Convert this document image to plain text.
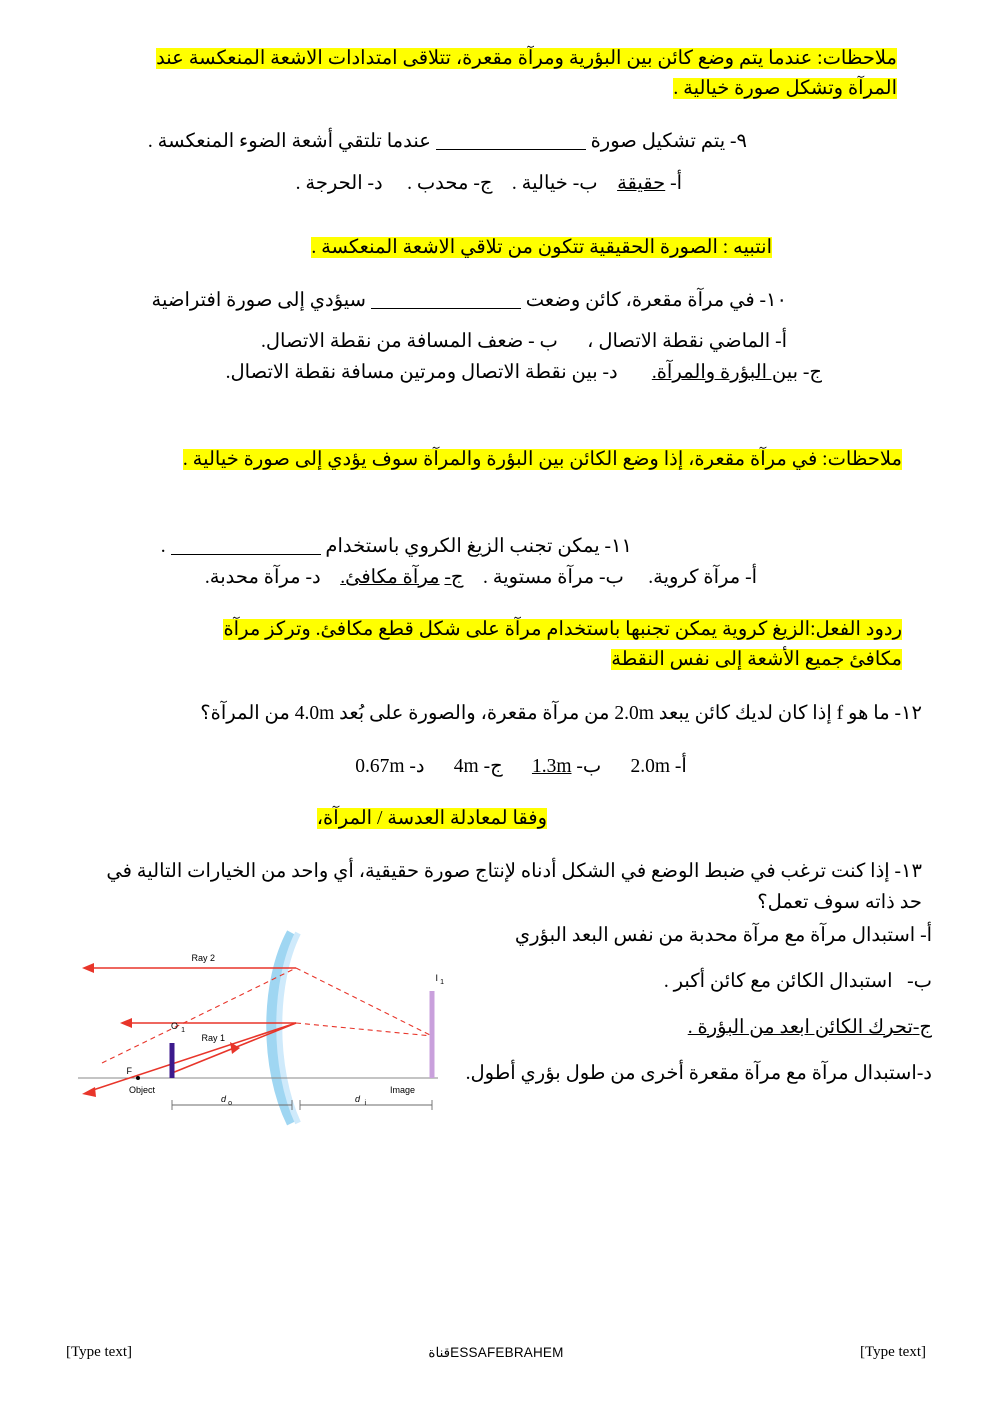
ملاحظات: عندما يتم وضع كائن بين البؤرية ومرآة مقعرة، تتلاقى امتدادات الاشعة المنعكسة عند المرآة وتشكل صورة خيالية .
٩- يتم تشكيل صورة  عندما تلتقي أشعة الضوء المنعكسة .
أ- حقيقة    ب- خيالية .    ج- محدب .     د- الحرجة .
انتبيه : الصورة الحقيقية تتكون من تلاقي الاشعة المنعكسة .
١٠- في مرآة مقعرة، كائن وضعت  سيؤدي إلى صورة افتراضية
أ- الماضي نقطة الاتصال ،      ب - ضعف المسافة من نقطة الاتصال.
ج- بين البؤرة والمرآة.       د- بين نقطة الاتصال ومرتين مسافة نقطة الاتصال.
ملاحظات: في مرآة مقعرة، إذا وضع الكائن بين البؤرة والمرآة سوف يؤدي إلى صورة خيالية .
١١- يمكن تجنب الزيغ الكروي باستخدام  .
أ- مرآة كروية.     ب- مرآة مستوية .    ج- مرآة مكافئ.    د- مرآة محدبة.
ردود الفعل:الزيغ كروية يمكن تجنبها باستخدام مرآة على شكل قطع مكافئ. وتركز مرآة مكافئ جميع الأشعة إلى نفس النقطة
١٢- ما هو f إذا كان لديك كائن يبعد 2.0m من مرآة مقعرة، والصورة على بُعد 4.0m من المرآة؟
أ- 2.0m      ب- 1.3m      ج- 4m      د- 0.67m
وفقا لمعادلة العدسة / المرآة،
١٣- إذا كنت ترغب في ضبط الوضع في الشكل أدناه لإنتاج صورة حقيقية، أي واحد من الخيارات التالية في حد ذاته سوف تعمل؟
Ray 2
Ray 1
O 1
F
Object	Image
I 1
d o	d i
أ- استبدال مرآة مع مرآة محدبة من نفس البعد البؤري
ب-   استبدال الكائن مع كائن أكبر .
ج-تحرك الكائن ابعد من البؤرة .
د-استبدال مرآة مع مرآة مقعرة أخرى من طول بؤري أطول.
[Type text]	قناةESSAFEBRAHEM	[Type text]
